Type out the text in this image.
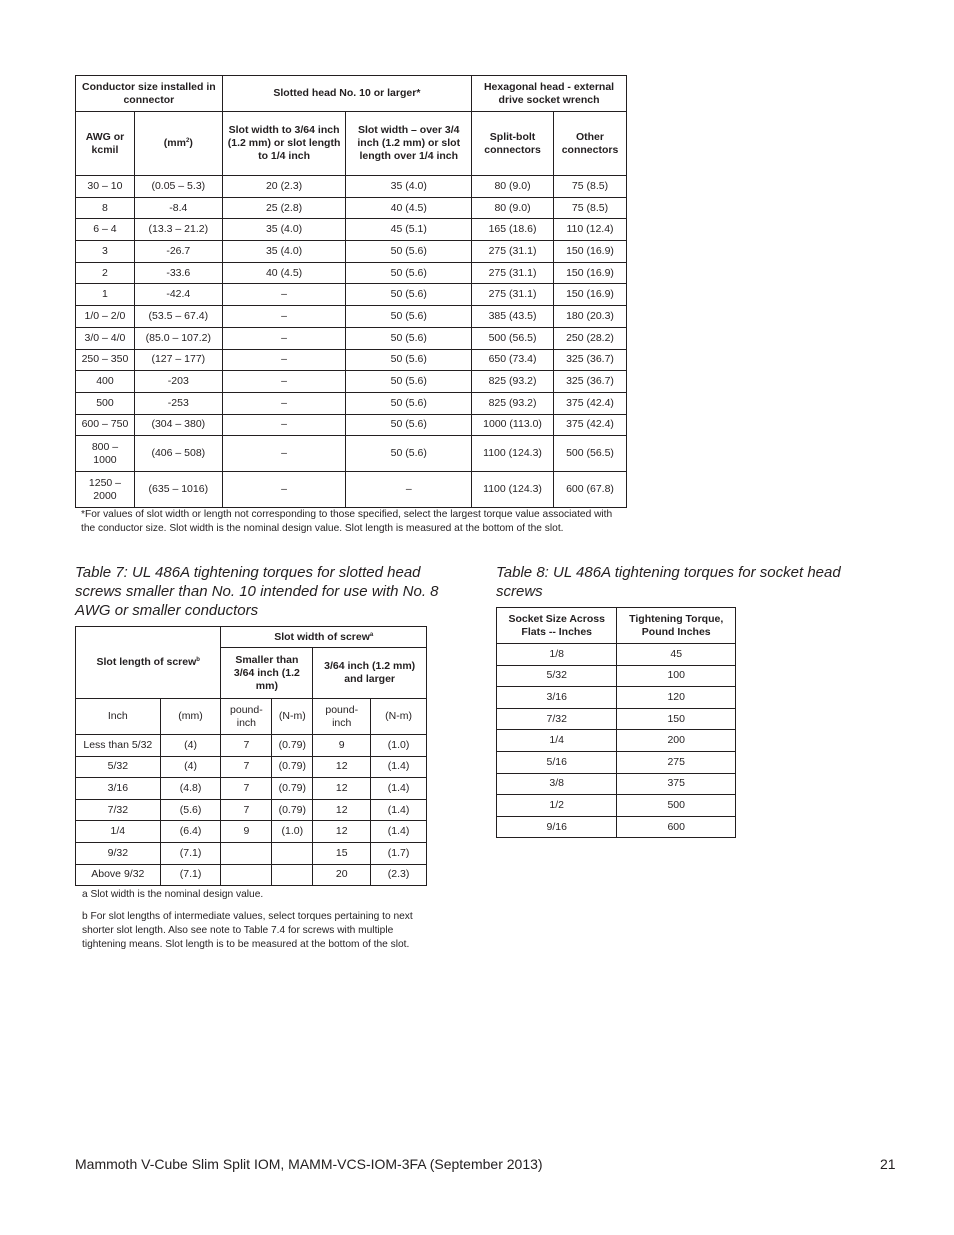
Conductor size installed in connector		Slotted head No. 10 or larger*		Hexagonal head - external drive socket wrench	
AWG or kcmil	$(mm^2)$	Slot width to 3/64 inch (1.2 mm) or slot length to 1/4 inch	Slot width – over 3/4 inch (1.2 mm) or slot length over 1/4 inch	Split-bolt connectors	Other connectors
30 – 10	(0.05 – 5.3)	20 (2.3)	35 (4.0)	80 (9.0)	75 (8.5)
8	-8.4	25 (2.8)	40 (4.5)	80 (9.0)	75 (8.5)
6 – 4	(13.3 – 21.2)	35 (4.0)	45 (5.1)	165 (18.6)	110 (12.4)
3	-26.7	35 (4.0)	50 (5.6)	275 (31.1)	150 (16.9)
2	-33.6	40 (4.5)	50 (5.6)	275 (31.1)	150 (16.9)
1	-42.4	–	50 (5.6)	275 (31.1)	150 (16.9)
1/0 – 2/0	(53.5 – 67.4)	–	50 (5.6)	385 (43.5)	180 (20.3)
3/0 – 4/0	(85.0 – 107.2)	–	50 (5.6)	500 (56.5)	250 (28.2)
250 – 350	(127 – 177)	–	50 (5.6)	650 (73.4)	325 (36.7)
400	-203	–	50 (5.6)	825 (93.2)	325 (36.7)
500	-253	–	50 (5.6)	825 (93.2)	375 (42.4)
600 – 750	(304 – 380)	–	50 (5.6)	1000 (113.0)	375 (42.4)
800 – 1000	(406 – 508)	–	50 (5.6)	1100 (124.3)	500 (56.5)
1250 – 2000	(635 – 1016)	–	–	1100 (124.3)	600 (67.8)
*For values of slot width or length not corresponding to those specified, select the largest torque value associated with the conductor size. Slot width is the nominal design value. Slot length is measured at the bottom of the slot.
Table 7: UL 486A tightening torques for slotted head screws smaller than No. 10 intended for use with No. 8 AWG or smaller conductors
Slot length of screw$^b$		Slot width of screw$^a$
		Smaller than 3/64 inch (1.2 mm)		3/64 inch (1.2 mm) and larger	
Inch	(mm)	pound-inch	(N-m)	pound-inch	(N-m)
Less than 5/32	(4)	7	(0.79)	9	(1.0)
5/32	(4)	7	(0.79)	12	(1.4)
3/16	(4.8)	7	(0.79)	12	(1.4)
7/32	(5.6)	7	(0.79)	12	(1.4)
1/4	(6.4)	9	(1.0)	12	(1.4)
9/32	(7.1)			15	(1.7)
Above 9/32	(7.1)			20	(2.3)
a Slot width is the nominal design value.
b For slot lengths of intermediate values, select torques pertaining to next shorter slot length. Also see note to Table 7.4 for screws with multiple tightening means. Slot length is to be measured at the bottom of the slot.
Table 8: UL 486A tightening torques for socket head screws
Socket Size Across Flats -- Inches	Tightening Torque, Pound Inches
1/8	45
5/32	100
3/16	120
7/32	150
1/4	200
5/16	275
3/8	375
1/2	500
9/16	600
Mammoth V-Cube Slim Split IOM, MAMM-VCS-IOM-3FA (September 2013)	21
